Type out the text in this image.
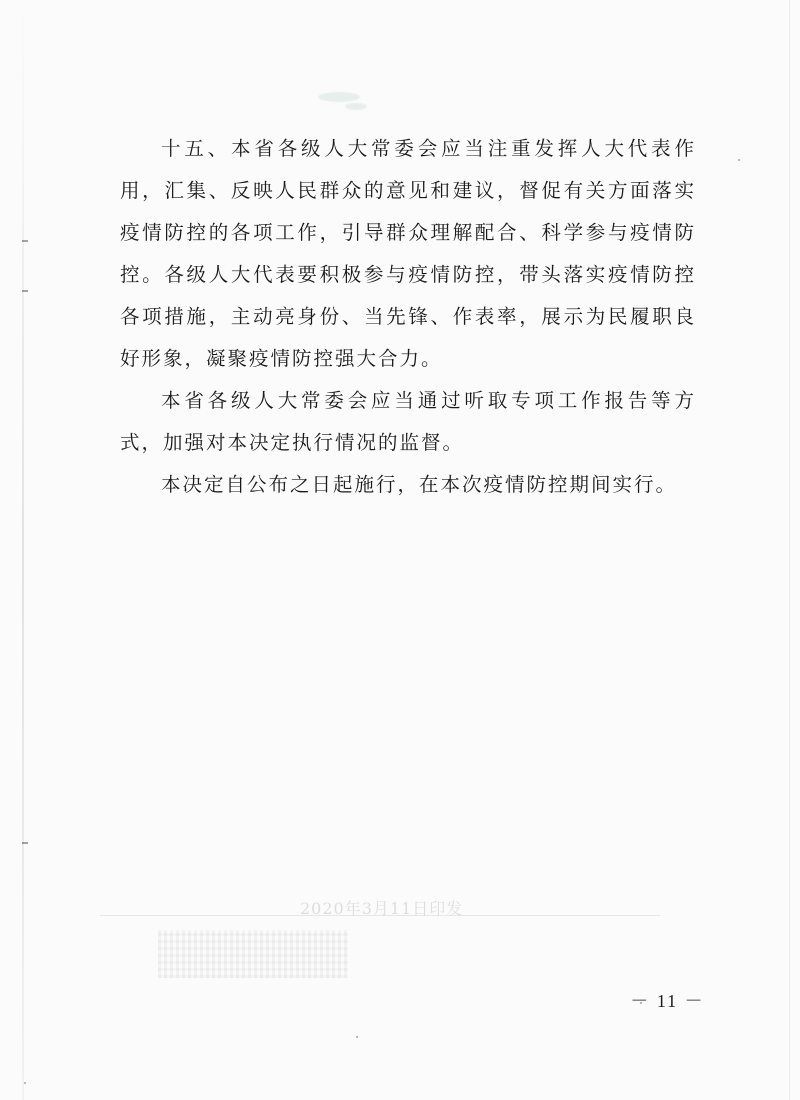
十五、本省各级人大常委会应当注重发挥人大代表作用，汇集、反映人民群众的意见和建议，督促有关方面落实疫情防控的各项工作，引导群众理解配合、科学参与疫情防控。各级人大代表要积极参与疫情防控，带头落实疫情防控各项措施，主动亮身份、当先锋、作表率，展示为民履职良好形象，凝聚疫情防控强大合力。

本省各级人大常委会应当通过听取专项工作报告等方式，加强对本决定执行情况的监督。

本决定自公布之日起施行，在本次疫情防控期间实行。

2020年3月11日印发
－ 11 －
